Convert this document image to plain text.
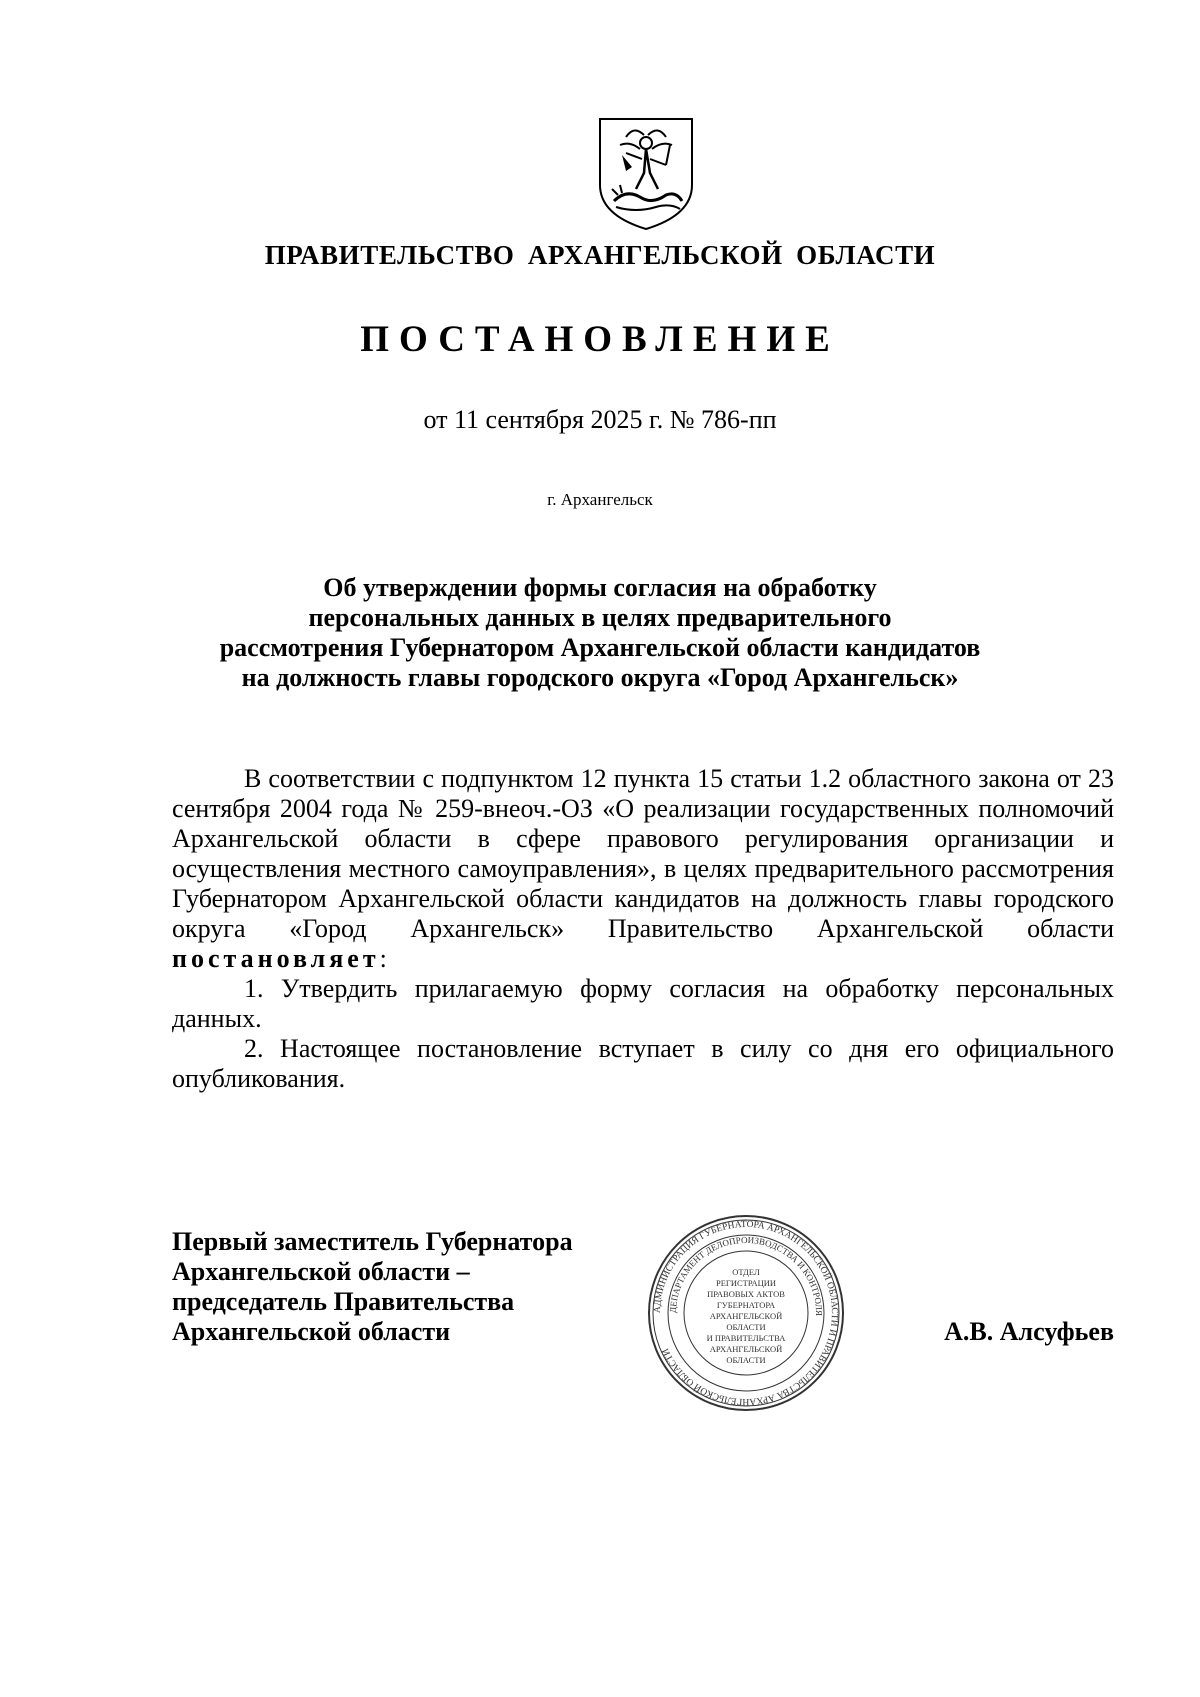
ПРАВИТЕЛЬСТВО АРХАНГЕЛЬСКОЙ ОБЛАСТИ
ПОСТАНОВЛЕНИЕ
от 11 сентября 2025 г. № 786-пп
г. Архангельск
Об утверждении формы согласия на обработку
персональных данных в целях предварительного
рассмотрения Губернатором Архангельской области кандидатов
на должность главы городского округа «Город Архангельск»

В соответствии с подпунктом 12 пункта 15 статьи 1.2 областного закона от 23 сентября 2004 года № 259-внеоч.-ОЗ «О реализации государственных полномочий Архангельской области в сфере правового регулирования организации и осуществления местного самоуправления», в целях предварительного рассмотрения Губернатором Архангельской области кандидатов на должность главы городского округа «Город Архангельск» Правительство Архангельской области постановляет:

1. Утвердить прилагаемую форму согласия на обработку персональных данных.

2. Настоящее постановление вступает в силу со дня его официального опубликования.

Первый заместитель Губернатора
Архангельской области –
председатель Правительства
Архангельской области
АДМИНИСТРАЦИЯ ГУБЕРНАТОРА АРХАНГЕЛЬСКОЙ ОБЛАСТИ И ПРАВИТЕЛЬСТВА АРХАНГЕЛЬСКОЙ ОБЛАСТИ
ДЕПАРТАМЕНТ ДЕЛОПРОИЗВОДСТВА И КОНТРОЛЯ
ОТДЕЛ
РЕГИСТРАЦИИ
ПРАВОВЫХ АКТОВ
ГУБЕРНАТОРА
АРХАНГЕЛЬСКОЙ
ОБЛАСТИ
И ПРАВИТЕЛЬСТВА
АРХАНГЕЛЬСКОЙ
ОБЛАСТИ
А.В. Алсуфьев
